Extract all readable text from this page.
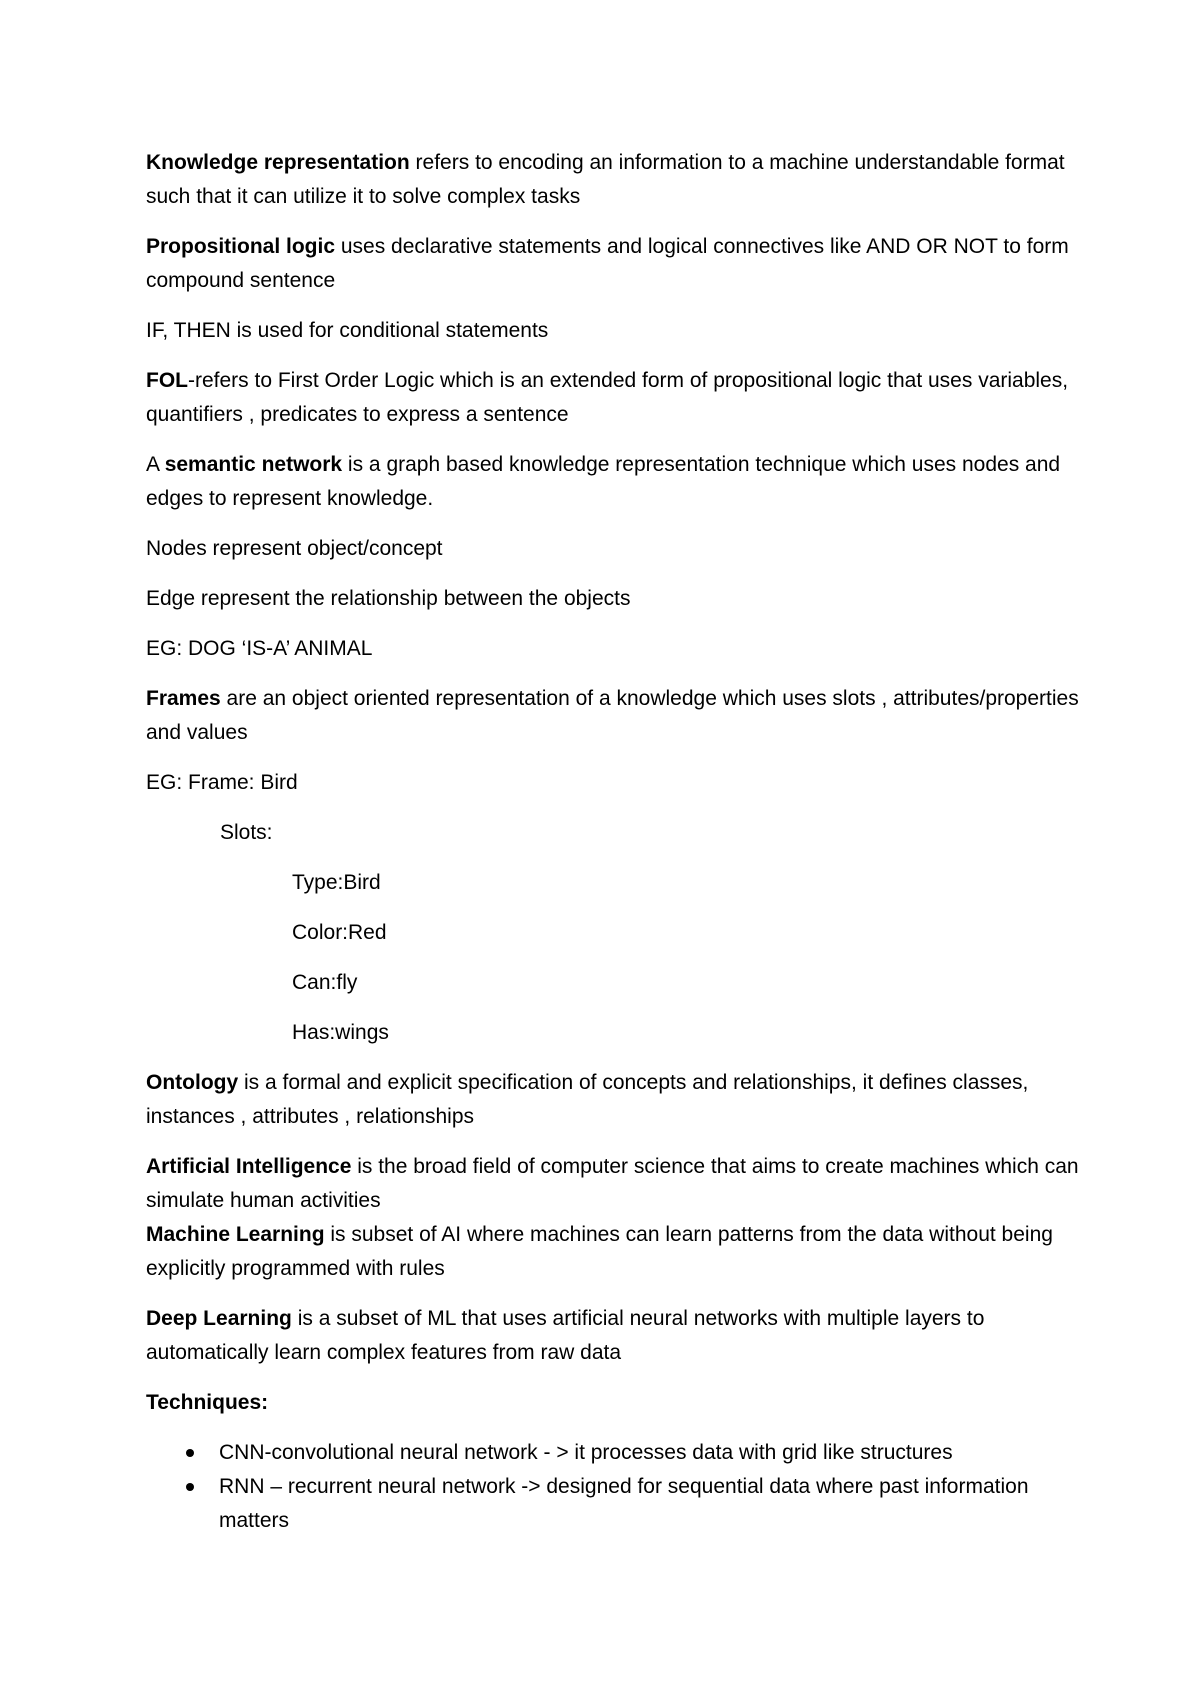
Knowledge representation refers to encoding an information to a machine understandable format such that it can utilize it to solve complex tasks

Propositional logic uses declarative statements and logical connectives like AND OR NOT to form compound sentence

IF, THEN is used for conditional statements

FOL-refers to First Order Logic which is an extended form of propositional logic that uses variables, quantifiers , predicates to express a sentence

A semantic network is a graph based knowledge representation technique which uses nodes and edges to represent knowledge.

Nodes represent object/concept

Edge represent the relationship between the objects

EG: DOG ‘IS-A’ ANIMAL

Frames are an object oriented representation of a knowledge which uses slots , attributes/properties and values

EG: Frame: Bird

Slots:

Type:Bird

Color:Red

Can:fly

Has:wings

Ontology is a formal and explicit specification of concepts and relationships, it defines classes, instances , attributes , relationships

Artificial Intelligence is the broad field of computer science that aims to create machines which can simulate human activities

Machine Learning is subset of AI where machines can learn patterns from the data without being explicitly programmed with rules

Deep Learning is a subset of ML that uses artificial neural networks with multiple layers to automatically learn complex features from raw data

Techniques:

CNN-convolutional neural network - > it processes data with grid like structures
RNN – recurrent neural network -> designed for sequential data where past information matters
